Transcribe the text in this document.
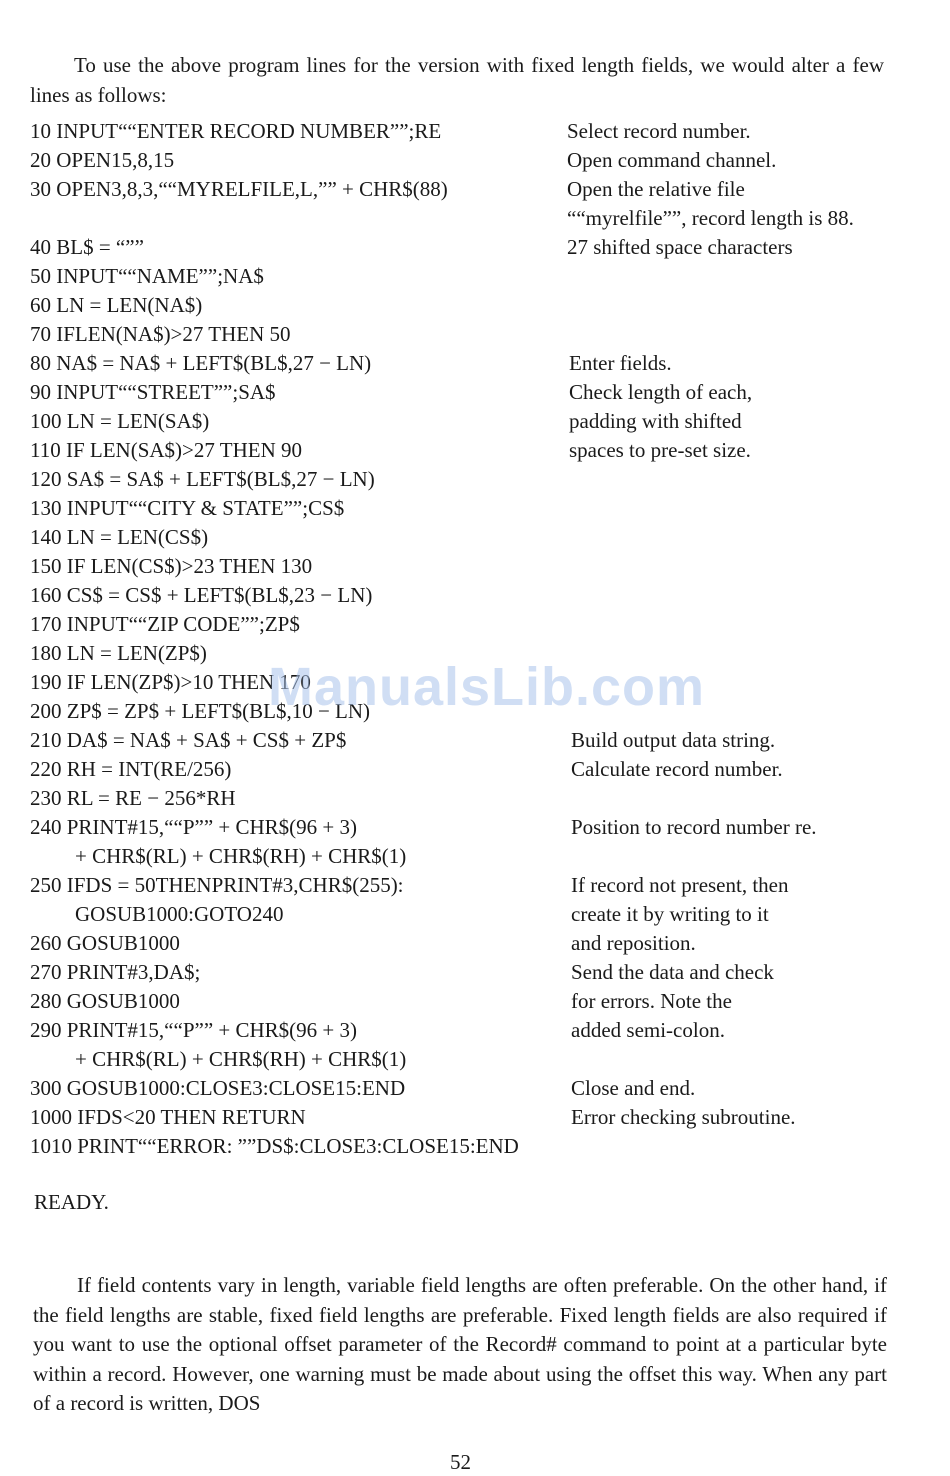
To use the above program lines for the version with fixed length fields, we would alter a few lines as follows:

10 INPUT““ENTER RECORD NUMBER””;RE
20 OPEN15,8,15
30 OPEN3,8,3,““MYRELFILE,L,”” + CHR$(88)
40 BL$ = “””
50 INPUT““NAME””;NA$
60 LN = LEN(NA$)
70 IFLEN(NA$)>27 THEN 50
80 NA$ = NA$ + LEFT$(BL$,27 − LN)
90 INPUT““STREET””;SA$
100 LN = LEN(SA$)
110 IF LEN(SA$)>27 THEN 90
120 SA$ = SA$ + LEFT$(BL$,27 − LN)
130 INPUT““CITY & STATE””;CS$
140 LN = LEN(CS$)
150 IF LEN(CS$)>23 THEN 130
160 CS$ = CS$ + LEFT$(BL$,23 − LN)
170 INPUT““ZIP CODE””;ZP$
180 LN = LEN(ZP$)
190 IF LEN(ZP$)>10 THEN 170
200 ZP$ = ZP$ + LEFT$(BL$,10 − LN)
210 DA$ = NA$ + SA$ + CS$ + ZP$
220 RH = INT(RE/256)
230 RL = RE − 256*RH
240 PRINT#15,““P”” + CHR$(96 + 3)
+ CHR$(RL) + CHR$(RH) + CHR$(1)
250 IFDS = 50THENPRINT#3,CHR$(255):
GOSUB1000:GOTO240
260 GOSUB1000
270 PRINT#3,DA$;
280 GOSUB1000
290 PRINT#15,““P”” + CHR$(96 + 3)
+ CHR$(RL) + CHR$(RH) + CHR$(1)
300 GOSUB1000:CLOSE3:CLOSE15:END
1000 IFDS<20 THEN RETURN
1010 PRINT““ERROR: ””DS$:CLOSE3:CLOSE15:END
Select record number.
Open command channel.
Open the relative file
““myrelfile””, record length is 88.
27 shifted space characters
Enter fields.
Check length of each,
padding with shifted
spaces to pre-set size.
Build output data string.
Calculate record number.
Position to record number re.
If record not present, then
create it by writing to it
and reposition.
Send the data and check
for errors. Note the
added semi-colon.
Close and end.
Error checking subroutine.
READY.

If field contents vary in length, variable field lengths are often preferable. On the other hand, if the field lengths are stable, fixed field lengths are preferable. Fixed length fields are also required if you want to use the optional offset parameter of the Record# command to point at a particular byte within a record. However, one warning must be made about using the offset this way. When any part of a record is written, DOS

52
ManualsLib.com
